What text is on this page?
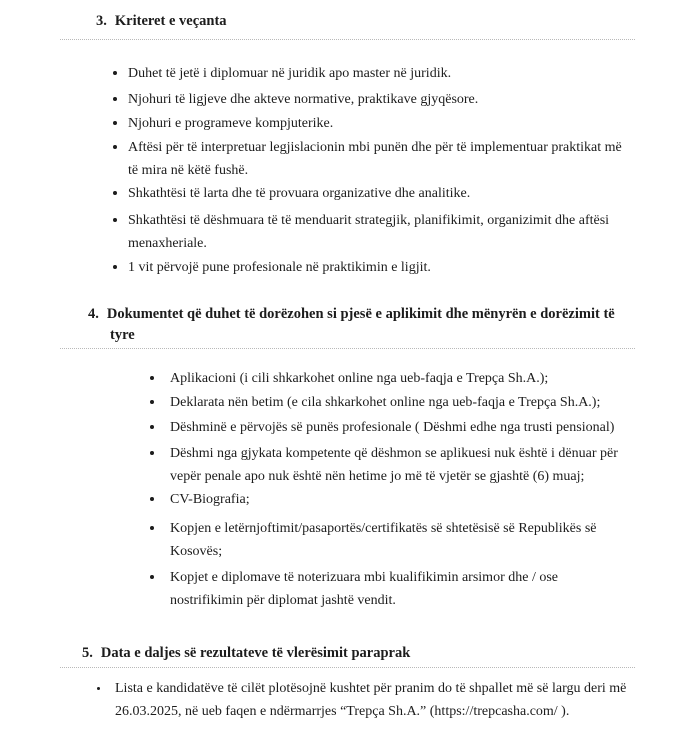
3. Kriteret e veçanta
Duhet të jetë i diplomuar në juridik apo master në juridik.
Njohuri të ligjeve dhe akteve normative, praktikave gjyqësore.
Njohuri e programeve kompjuterike.
Aftësi për të interpretuar legjislacionin mbi punën dhe për të implementuar praktikat më të mira në këtë fushë.
Shkathtësi të larta dhe të provuara organizative dhe analitike.
Shkathtësi të dëshmuara të të menduarit strategjik, planifikimit, organizimit dhe aftësi menaxheriale.
1 vit përvojë pune profesionale në praktikimin e ligjit.
4. Dokumentet që duhet të dorëzohen si pjesë e aplikimit dhe mënyrën e dorëzimit të
tyre
Aplikacioni (i cili shkarkohet online nga ueb-faqja e Trepça Sh.A.);
Deklarata nën betim (e cila shkarkohet online nga ueb-faqja e Trepça Sh.A.);
Dëshminë e përvojës së punës profesionale ( Dëshmi edhe nga trusti pensional)
Dëshmi nga gjykata kompetente që dëshmon se aplikuesi nuk është i dënuar për vepër penale apo nuk është nën hetime jo më të vjetër se gjashtë (6) muaj;
CV-Biografia;
Kopjen e letërnjoftimit/pasaportës/certifikatës së shtetësisë së Republikës së Kosovës;
Kopjet e diplomave të noterizuara mbi kualifikimin arsimor dhe / ose nostrifikimin për diplomat jashtë vendit.
5. Data e daljes së rezultateve të vlerësimit paraprak
Lista e kandidatëve të cilët plotësojnë kushtet për pranim do të shpallet më së largu deri më 26.03.2025, në ueb faqen e ndërmarrjes “Trepça Sh.A.” (https://trepcasha.com/ ).
